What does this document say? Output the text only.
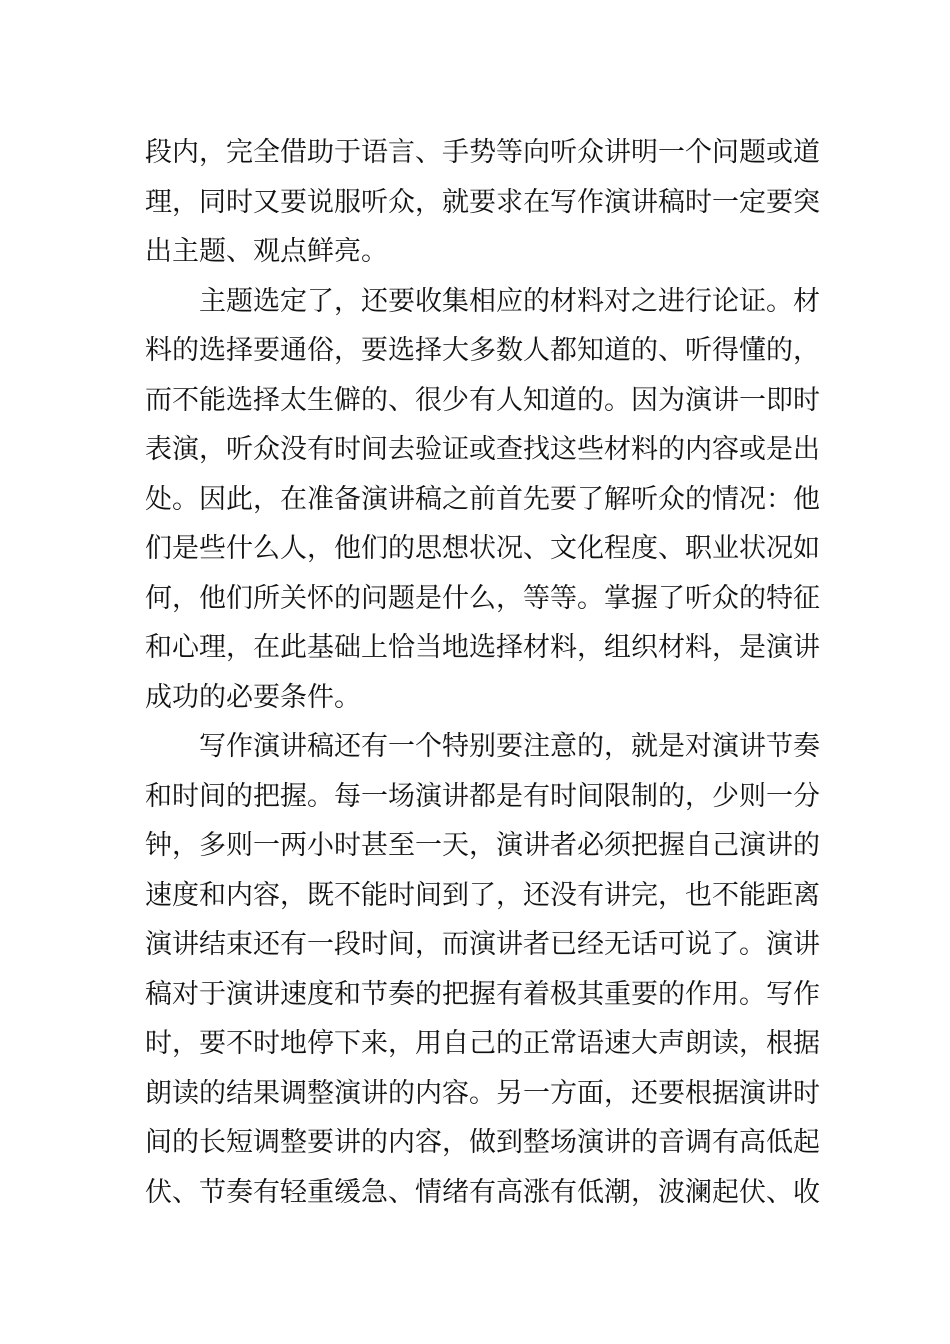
段内，完全借助于语言、手势等向听众讲明一个问题或道
理，同时又要说服听众，就要求在写作演讲稿时一定要突
出主题、观点鲜亮。
主题选定了，还要收集相应的材料对之进行论证。材
料的选择要通俗，要选择大多数人都知道的、听得懂的，
而不能选择太生僻的、很少有人知道的。因为演讲一即时
表演，听众没有时间去验证或查找这些材料的内容或是出
处。因此，在准备演讲稿之前首先要了解听众的情况：他
们是些什么人，他们的思想状况、文化程度、职业状况如
何，他们所关怀的问题是什么，等等。掌握了听众的特征
和心理，在此基础上恰当地选择材料，组织材料，是演讲
成功的必要条件。
写作演讲稿还有一个特别要注意的，就是对演讲节奏
和时间的把握。每一场演讲都是有时间限制的，少则一分
钟，多则一两小时甚至一天，演讲者必须把握自己演讲的
速度和内容，既不能时间到了，还没有讲完，也不能距离
演讲结束还有一段时间，而演讲者已经无话可说了。演讲
稿对于演讲速度和节奏的把握有着极其重要的作用。写作
时，要不时地停下来，用自己的正常语速大声朗读，根据
朗读的结果调整演讲的内容。另一方面，还要根据演讲时
间的长短调整要讲的内容，做到整场演讲的音调有高低起
伏、节奏有轻重缓急、情绪有高涨有低潮，波澜起伏、收
